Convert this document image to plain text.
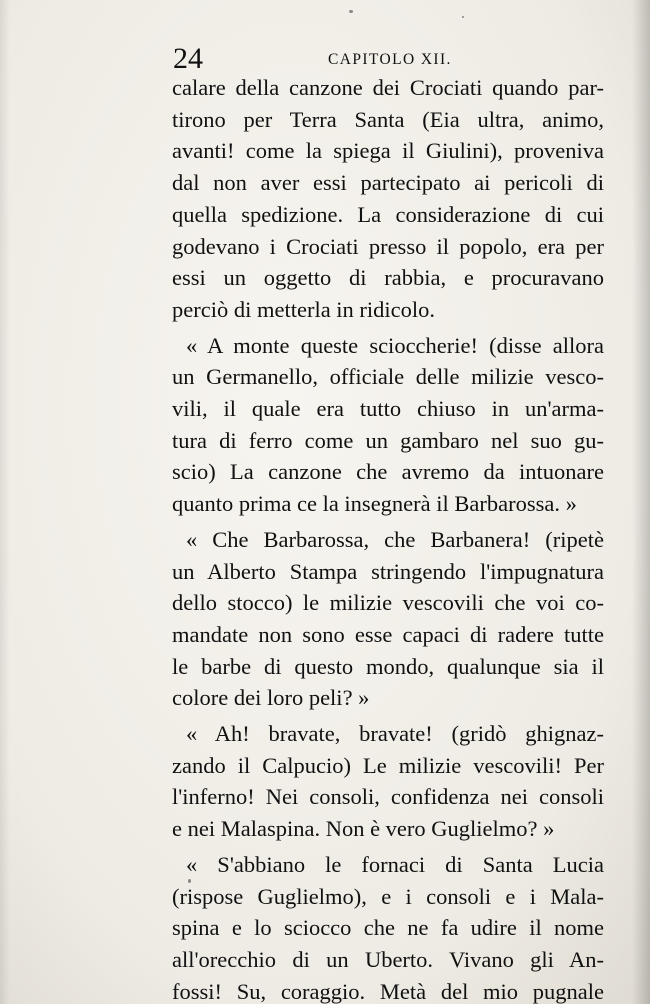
24	CAPITOLO XII.
calare della canzone dei Crociati quando par-
tirono per Terra Santa (Eia ultra, animo,
avanti! come la spiega il Giulini), proveniva
dal non aver essi partecipato ai pericoli di
quella spedizione. La considerazione di cui
godevano i Crociati presso il popolo, era per
essi un oggetto di rabbia, e procuravano
perciò di metterla in ridicolo.
« A monte queste scioccherie! (disse allora
un Germanello, officiale delle milizie vesco-
vili, il quale era tutto chiuso in un'arma-
tura di ferro come un gambaro nel suo gu-
scio) La canzone che avremo da intuonare
quanto prima ce la insegnerà il Barbarossa. »
« Che Barbarossa, che Barbanera! (ripetè
un Alberto Stampa stringendo l'impugnatura
dello stocco) le milizie vescovili che voi co-
mandate non sono esse capaci di radere tutte
le barbe di questo mondo, qualunque sia il
colore dei loro peli? »
« Ah! bravate, bravate! (gridò ghignaz-
zando il Calpucio) Le milizie vescovili! Per
l'inferno! Nei consoli, confidenza nei consoli
e nei Malaspina. Non è vero Guglielmo? »
« S'abbiano le fornaci di Santa Lucia
(rispose Guglielmo), e i consoli e i Mala-
spina e lo sciocco che ne fa udire il nome
all'orecchio di un Uberto. Vivano gli An-
fossi! Su, coraggio. Metà del mio pugnale
